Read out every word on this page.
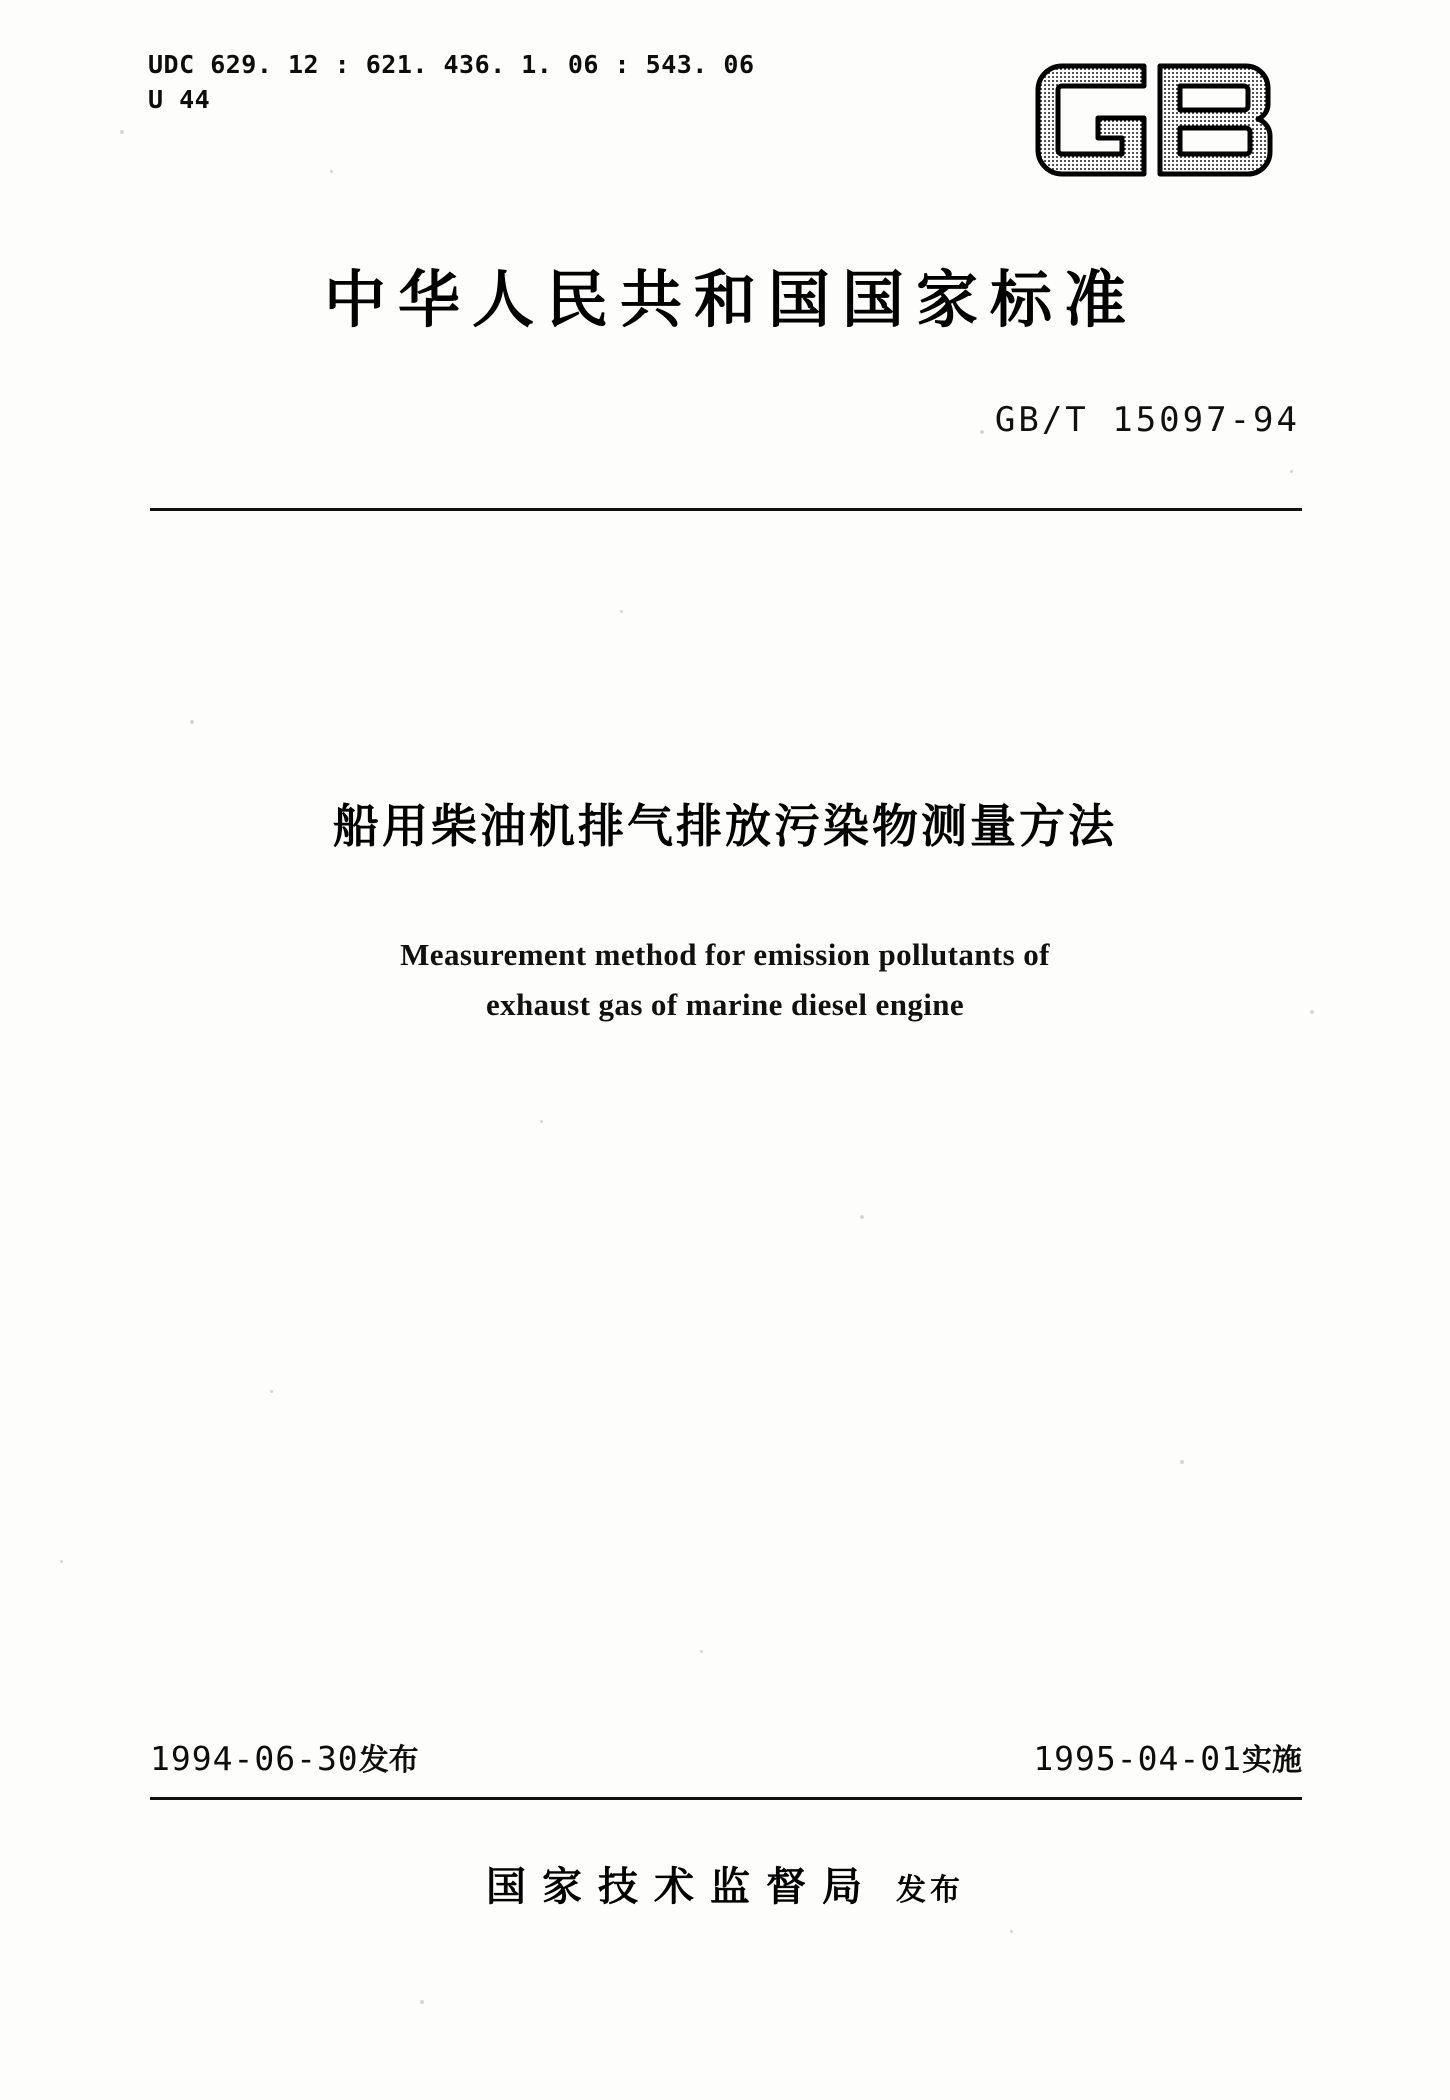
UDC 629. 12 : 621. 436. 1. 06 : 543. 06
U 44
中华人民共和国国家标准
GB/T 15097-94
船用柴油机排气排放污染物测量方法
Measurement method for emission pollutants of
exhaust gas of marine diesel engine
1994-06-30发布	1995-04-01实施
国家技术监督局 发布
